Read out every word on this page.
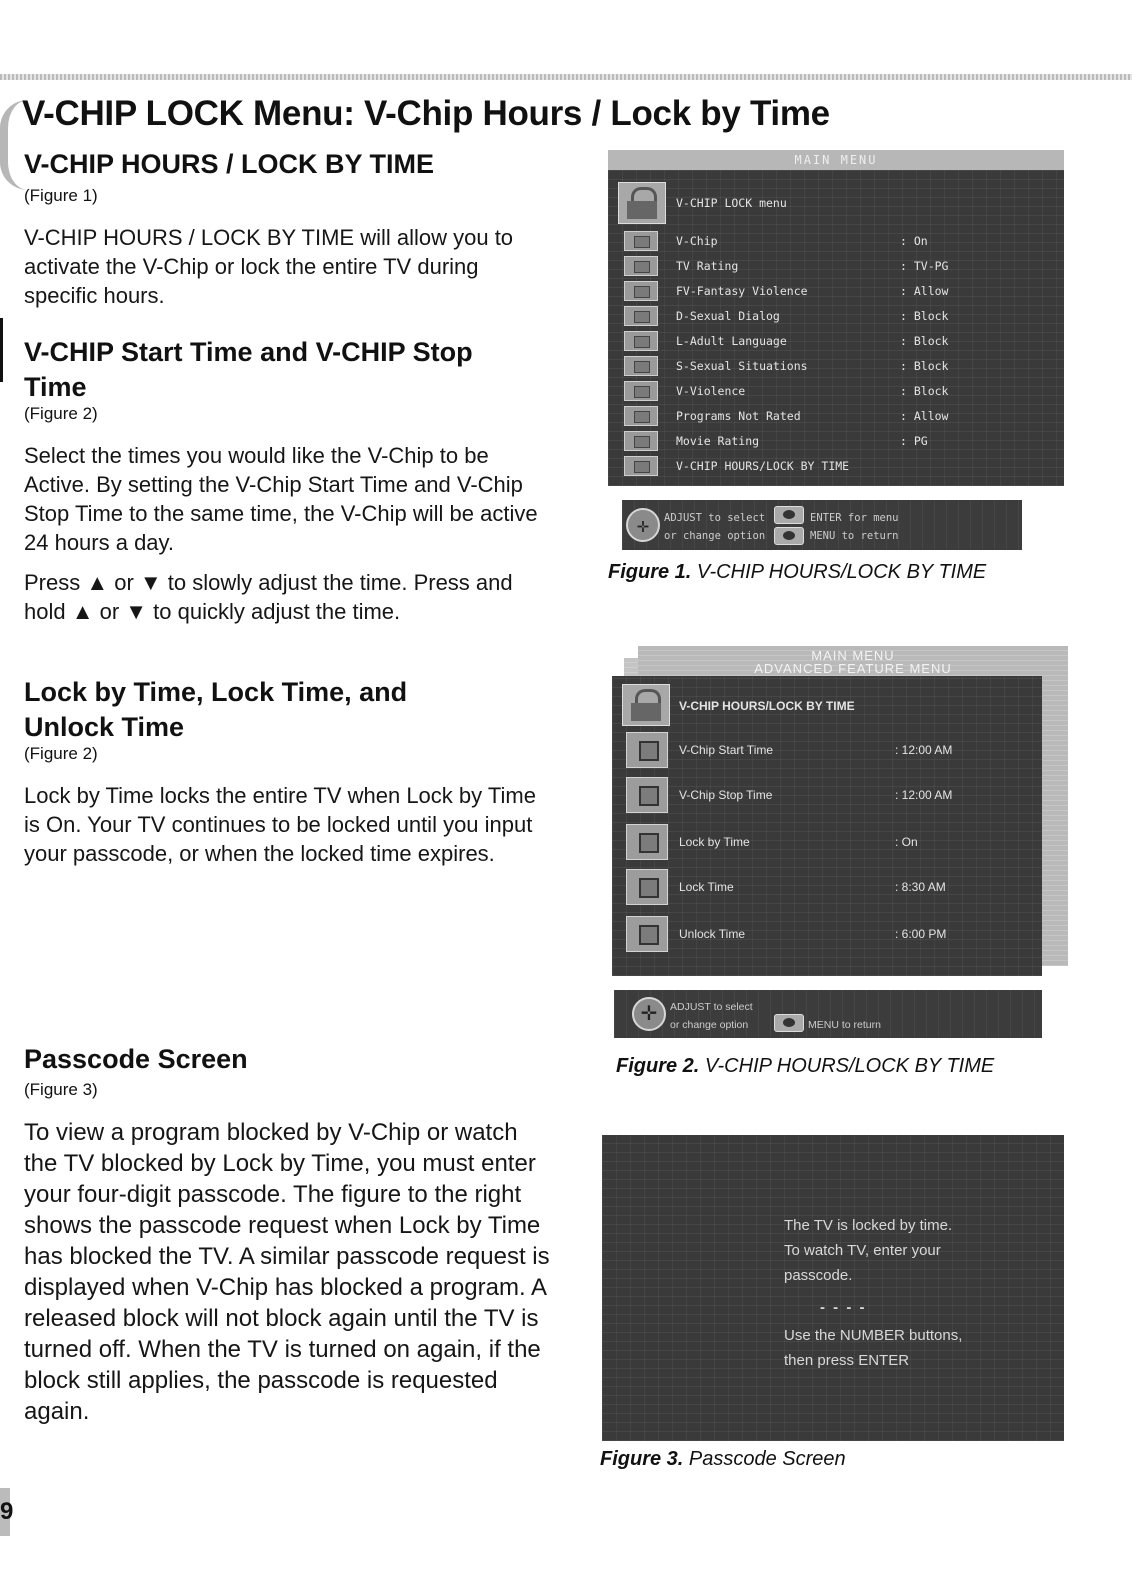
V-CHIP LOCK Menu: V-Chip Hours / Lock by Time
V-CHIP HOURS / LOCK BY TIME

(Figure 1)

V-CHIP HOURS / LOCK BY TIME will allow you to activate the V-Chip or lock the entire TV during specific hours.

V-CHIP Start Time and V-CHIP Stop
Time

(Figure 2)

Select the times you would like the V-Chip to be Active. By setting the V-Chip Start Time and V-Chip Stop Time to the same time, the V-Chip will be active 24 hours a day.

Press ▲ or ▼ to slowly adjust the time. Press and hold ▲ or ▼ to quickly adjust the time.

Lock by Time, Lock Time, and
Unlock Time

(Figure 2)

Lock by Time locks the entire TV when Lock by Time is On. Your TV continues to be locked until you input your passcode, or when the locked time expires.

Passcode Screen

(Figure 3)

To view a program blocked by V-Chip or watch the TV blocked by Lock by Time, you must enter your four-digit passcode. The figure to the right shows the passcode request when Lock by Time has blocked the TV. A similar passcode request is displayed when V-Chip has blocked a program. A released block will not block again until the TV is turned off. When the TV is turned on again, if the block still applies, the passcode is requested again.

9
MAIN MENU
V-CHIP LOCK menu
V-Chip	: On
TV Rating	: TV-PG
FV-Fantasy Violence	: Allow
D-Sexual Dialog	: Block
L-Adult Language	: Block
S-Sexual Situations	: Block
V-Violence	: Block
Programs Not Rated	: Allow
Movie Rating	: PG
V-CHIP HOURS/LOCK BY TIME
✛
ADJUST to select
or change option
ENTER for menu
MENU to return

Figure 1. V-CHIP HOURS/LOCK BY TIME

MAIN MENU
ADVANCED FEATURE MENU
V-CHIP HOURS/LOCK BY TIME
V-Chip Start Time	: 12:00 AM
V-Chip Stop Time	: 12:00 AM
Lock by Time	: On
Lock Time	: 8:30 AM
Unlock Time	: 6:00 PM
✛
ADJUST to select
or change option	MENU to return

Figure 2. V-CHIP HOURS/LOCK BY TIME

The TV is locked by time.
To watch TV, enter your
passcode.
- - - -
Use the NUMBER buttons,
then press ENTER

Figure 3. Passcode Screen
